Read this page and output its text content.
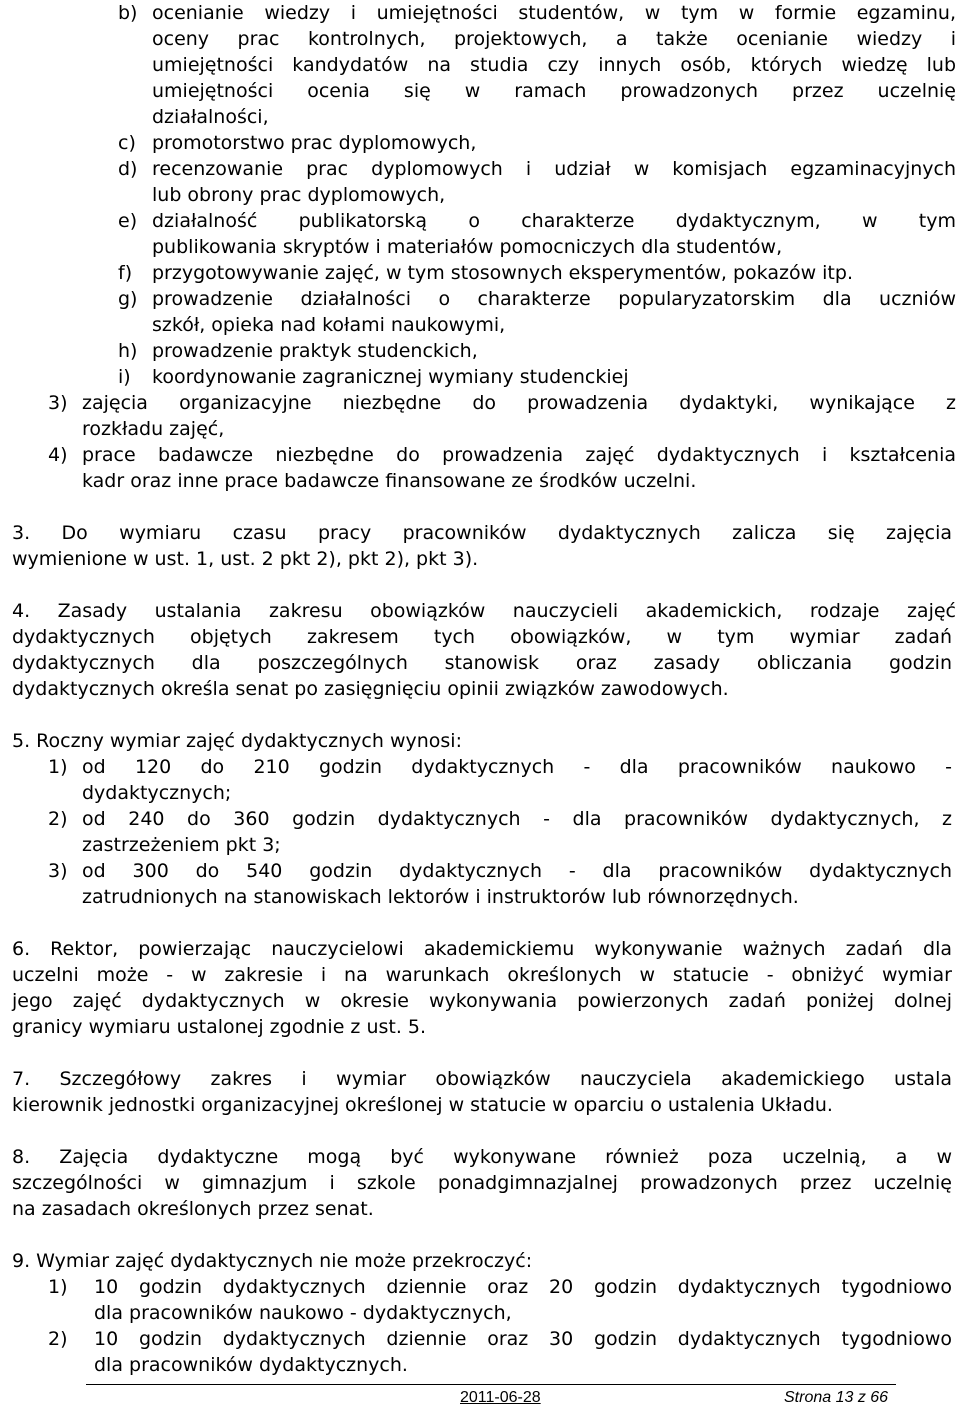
b) ocenianie wiedzy i umiejętności studentów, w tym w formie egzaminu,
oceny prac kontrolnych, projektowych, a także ocenianie wiedzy i
umiejętności kandydatów na studia czy innych osób, których wiedzę lub
umiejętności ocenia się w ramach prowadzonych przez uczelnię
działalności,
c) promotorstwo prac dyplomowych,
d) recenzowanie prac dyplomowych i udział w komisjach egzaminacyjnych
lub obrony prac dyplomowych,
e) działalność publikatorską o charakterze dydaktycznym, w tym
publikowania skryptów i materiałów pomocniczych dla studentów,
f) przygotowywanie zajęć, w tym stosownych eksperymentów, pokazów itp.
g) prowadzenie działalności o charakterze popularyzatorskim dla uczniów
szkół, opieka nad kołami naukowymi,
h) prowadzenie praktyk studenckich,
i) koordynowanie zagranicznej wymiany studenckiej
3) zajęcia organizacyjne niezbędne do prowadzenia dydaktyki, wynikające z
rozkładu zajęć,
4) prace badawcze niezbędne do prowadzenia zajęć dydaktycznych i kształcenia
kadr oraz inne prace badawcze finansowane ze środków uczelni.
3. Do wymiaru czasu pracy pracowników dydaktycznych zalicza się zajęcia
wymienione w ust. 1, ust. 2 pkt 2), pkt 2), pkt 3).
4. Zasady ustalania zakresu obowiązków nauczycieli akademickich, rodzaje zajęć
dydaktycznych objętych zakresem tych obowiązków, w tym wymiar zadań
dydaktycznych dla poszczególnych stanowisk oraz zasady obliczania godzin
dydaktycznych określa senat po zasięgnięciu opinii związków zawodowych.
5. Roczny wymiar zajęć dydaktycznych wynosi:
1) od 120 do 210 godzin dydaktycznych - dla pracowników naukowo -
dydaktycznych;
2) od 240 do 360 godzin dydaktycznych - dla pracowników dydaktycznych, z
zastrzeżeniem pkt 3;
3) od 300 do 540 godzin dydaktycznych - dla pracowników dydaktycznych
zatrudnionych na stanowiskach lektorów i instruktorów lub równorzędnych.
6. Rektor, powierzając nauczycielowi akademickiemu wykonywanie ważnych zadań dla
uczelni może - w zakresie i na warunkach określonych w statucie - obniżyć wymiar
jego zajęć dydaktycznych w okresie wykonywania powierzonych zadań poniżej dolnej
granicy wymiaru ustalonej zgodnie z ust. 5.
7. Szczegółowy zakres i wymiar obowiązków nauczyciela akademickiego ustala
kierownik jednostki organizacyjnej określonej w statucie w oparciu o ustalenia Układu.
8. Zajęcia dydaktyczne mogą być wykonywane również poza uczelnią, a w
szczególności w gimnazjum i szkole ponadgimnazjalnej prowadzonych przez uczelnię
na zasadach określonych przez senat.
9. Wymiar zajęć dydaktycznych nie może przekroczyć:
1) 10 godzin dydaktycznych dziennie oraz 20 godzin dydaktycznych tygodniowo
dla pracowników naukowo - dydaktycznych,
2) 10 godzin dydaktycznych dziennie oraz 30 godzin dydaktycznych tygodniowo
dla pracowników dydaktycznych.
2011-06-28	Strona 13 z 66
